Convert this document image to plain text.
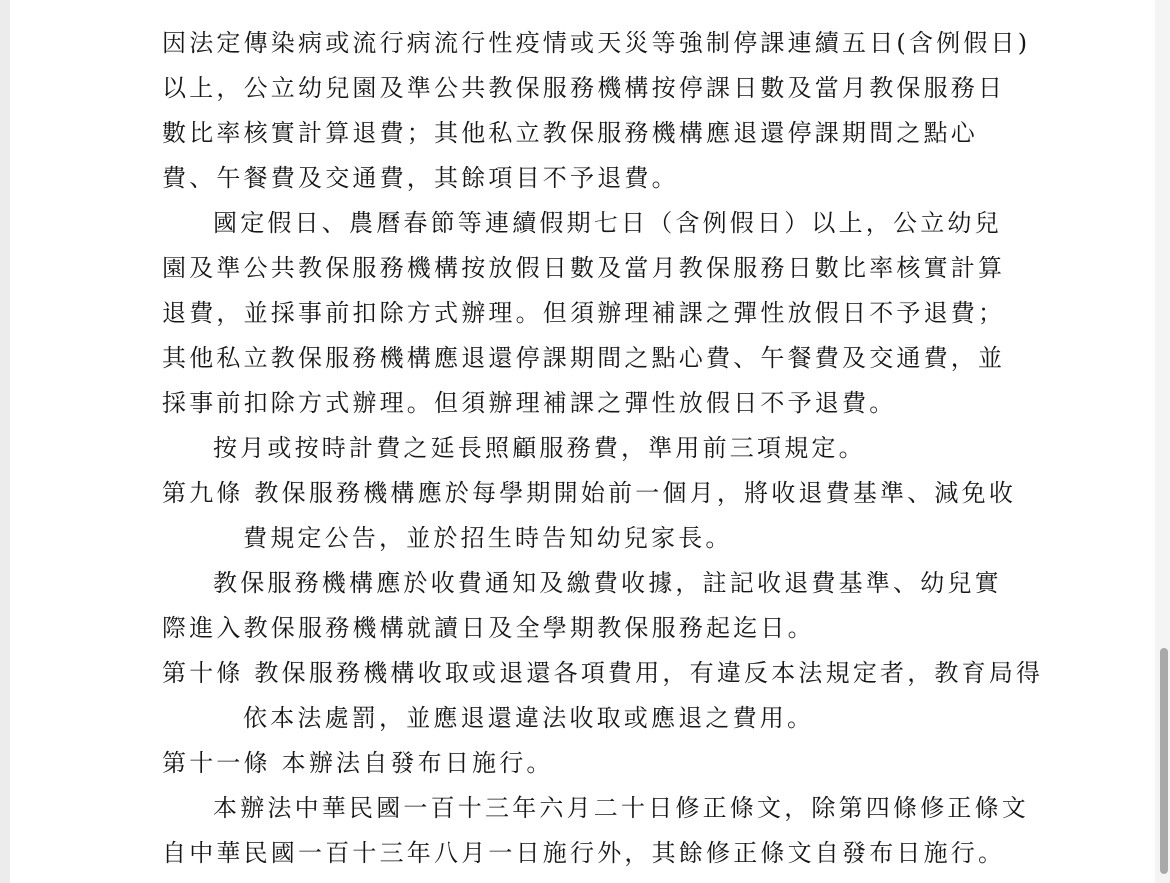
因法定傳染病或流行病流行性疫情或天災等強制停課連續五日(含例假日)
以上，公立幼兒園及準公共教保服務機構按停課日數及當月教保服務日
數比率核實計算退費；其他私立教保服務機構應退還停課期間之點心
費、午餐費及交通費，其餘項目不予退費。
國定假日、農曆春節等連續假期七日（含例假日）以上，公立幼兒
園及準公共教保服務機構按放假日數及當月教保服務日數比率核實計算
退費，並採事前扣除方式辦理。但須辦理補課之彈性放假日不予退費；
其他私立教保服務機構應退還停課期間之點心費、午餐費及交通費，並
採事前扣除方式辦理。但須辦理補課之彈性放假日不予退費。
按月或按時計費之延長照顧服務費，準用前三項規定。
第九條 教保服務機構應於每學期開始前一個月，將收退費基準、減免收
費規定公告，並於招生時告知幼兒家長。
教保服務機構應於收費通知及繳費收據，註記收退費基準、幼兒實
際進入教保服務機構就讀日及全學期教保服務起迄日。
第十條 教保服務機構收取或退還各項費用，有違反本法規定者，教育局得
依本法處罰，並應退還違法收取或應退之費用。
第十一條 本辦法自發布日施行。
本辦法中華民國一百十三年六月二十日修正條文，除第四條修正條文
自中華民國一百十三年八月一日施行外，其餘修正條文自發布日施行。
